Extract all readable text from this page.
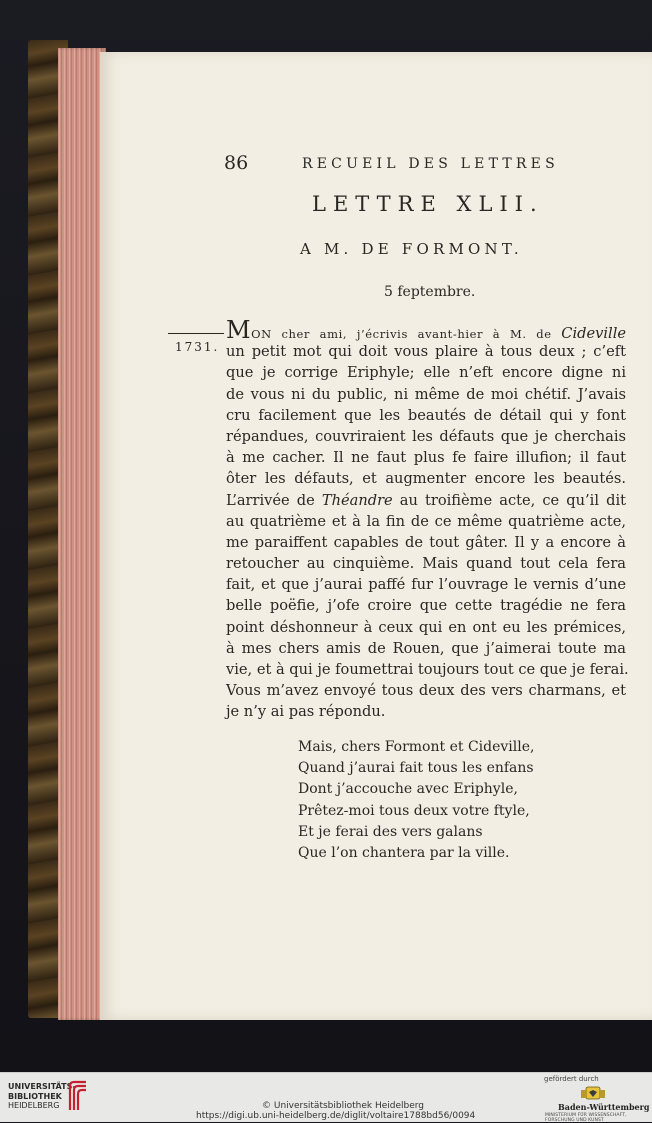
86	RECUEIL DES LETTRES
LETTRE XLII.
A M. DE FORMONT.
5 feptembre.
1731.
MON cher ami, j’écrivis avant-hier à M. de Cideville
un petit mot qui doit vous plaire à tous deux ; c’eft
que je corrige Eriphyle; elle n’eft encore digne ni
de vous ni du public, ni même de moi chétif. J’avais
cru facilement que les beautés de détail qui y font
répandues, couvriraient les défauts que je cherchais
à me cacher. Il ne faut plus fe faire illufion; il faut
ôter les défauts, et augmenter encore les beautés.
L’arrivée de Théandre au troifième acte, ce qu’il dit
au quatrième et à la fin de ce même quatrième acte,
me paraiffent capables de tout gâter. Il y a encore à
retoucher au cinquième. Mais quand tout cela fera
fait, et que j’aurai paffé fur l’ouvrage le vernis d’une
belle poëfie, j’ofe croire que cette tragédie ne fera
point déshonneur à ceux qui en ont eu les prémices,
à mes chers amis de Rouen, que j’aimerai toute ma
vie, et à qui je foumettrai toujours tout ce que je ferai.
Vous m’avez envoyé tous deux des vers charmans, et
je n’y ai pas répondu.
Mais, chers Formont et Cideville,
Quand j’aurai fait tous les enfans
Dont j’accouche avec Eriphyle,
Prêtez-moi tous deux votre ftyle,
Et je ferai des vers galans
Que l’on chantera par la ville.
UNIVERSITÄTS-
BIBLIOTHEK
HEIDELBERG	© Universitätsbibliothek Heidelberg
https://digi.ub.uni-heidelberg.de/diglit/voltaire1788bd56/0094
gefördert durch
Baden-Württemberg
MINISTERIUM FÜR WISSENSCHAFT, FORSCHUNG UND KUNST
